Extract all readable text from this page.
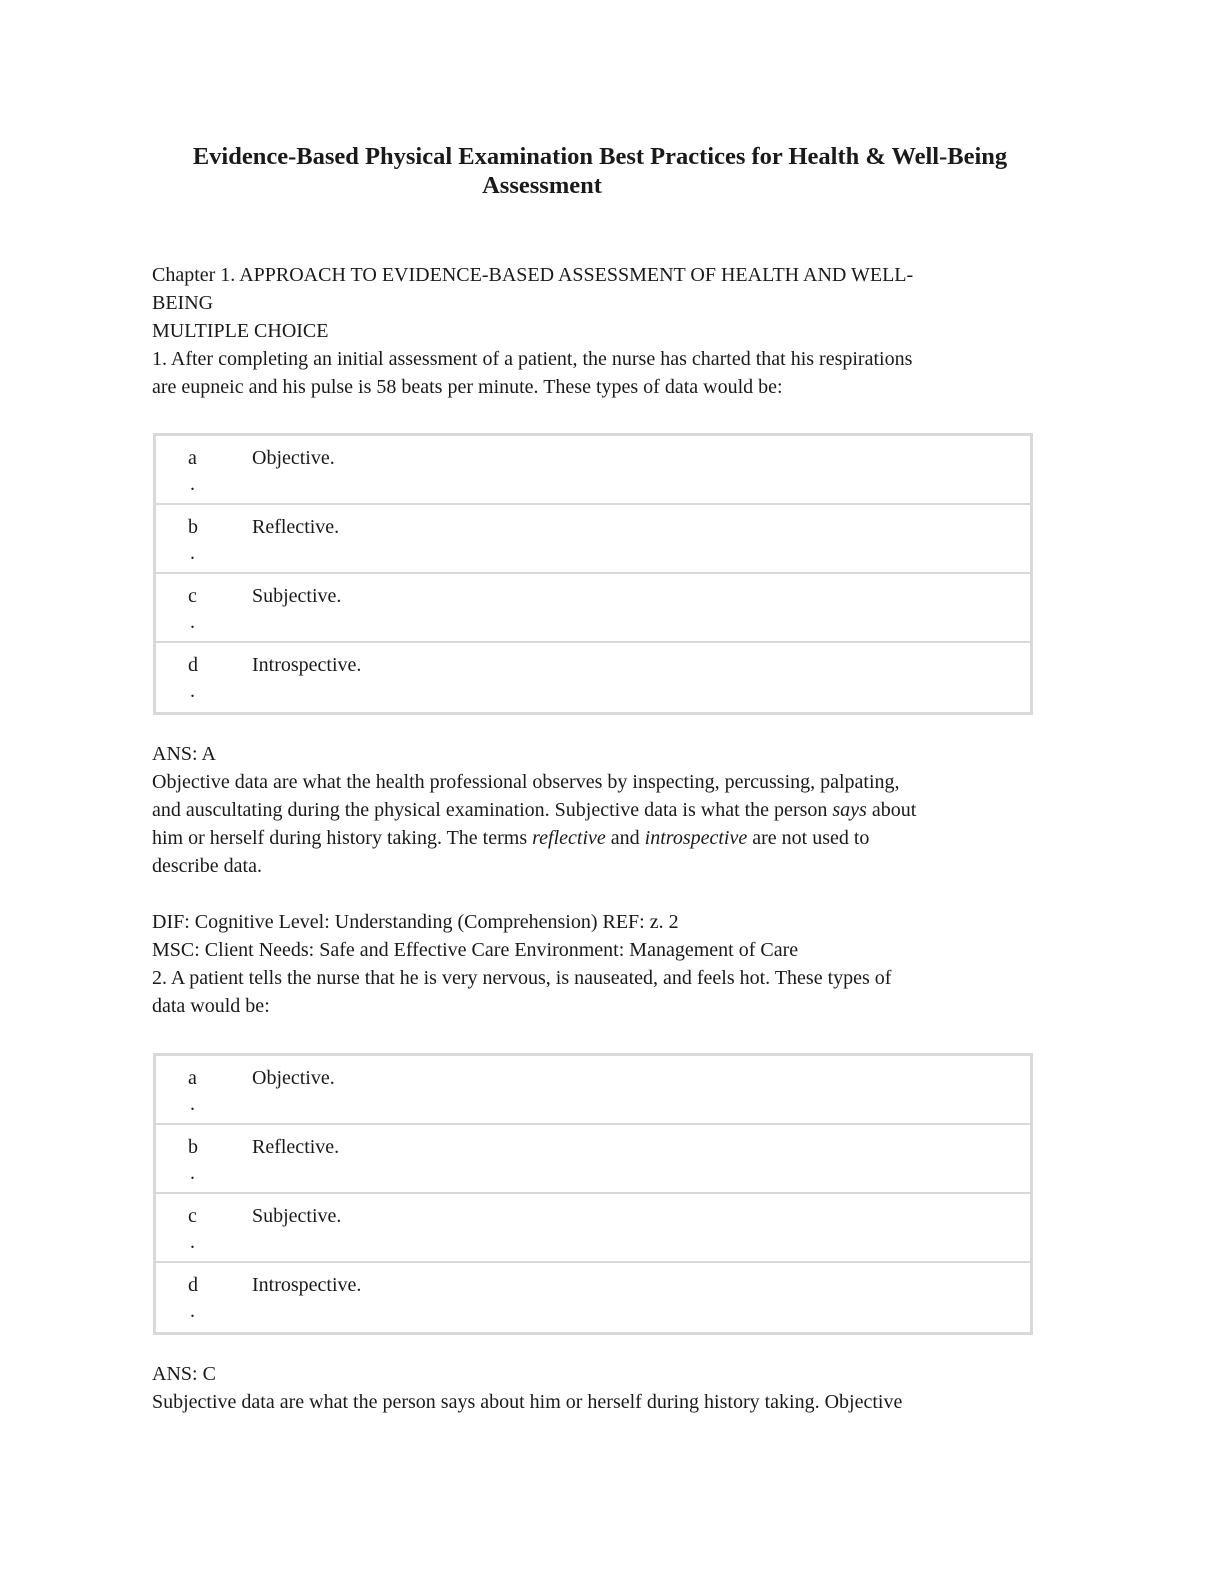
Evidence-Based Physical Examination Best Practices for Health & Well-Being
Assessment
Chapter 1. APPROACH TO EVIDENCE-BASED ASSESSMENT OF HEALTH AND WELL-
BEING
MULTIPLE CHOICE
1. After completing an initial assessment of a patient, the nurse has charted that his respirations
are eupneic and his pulse is 58 beats per minute. These types of data would be:
a
.
Objective.
b
.
Reflective.
c
.
Subjective.
d
.
Introspective.
ANS: A
Objective data are what the health professional observes by inspecting, percussing, palpating,
and auscultating during the physical examination. Subjective data is what the person says about
him or herself during history taking. The terms reflective and introspective are not used to
describe data.
DIF: Cognitive Level: Understanding (Comprehension) REF: z. 2
MSC: Client Needs: Safe and Effective Care Environment: Management of Care
2. A patient tells the nurse that he is very nervous, is nauseated, and feels hot. These types of
data would be:
a
.
Objective.
b
.
Reflective.
c
.
Subjective.
d
.
Introspective.
ANS: C
Subjective data are what the person says about him or herself during history taking. Objective
